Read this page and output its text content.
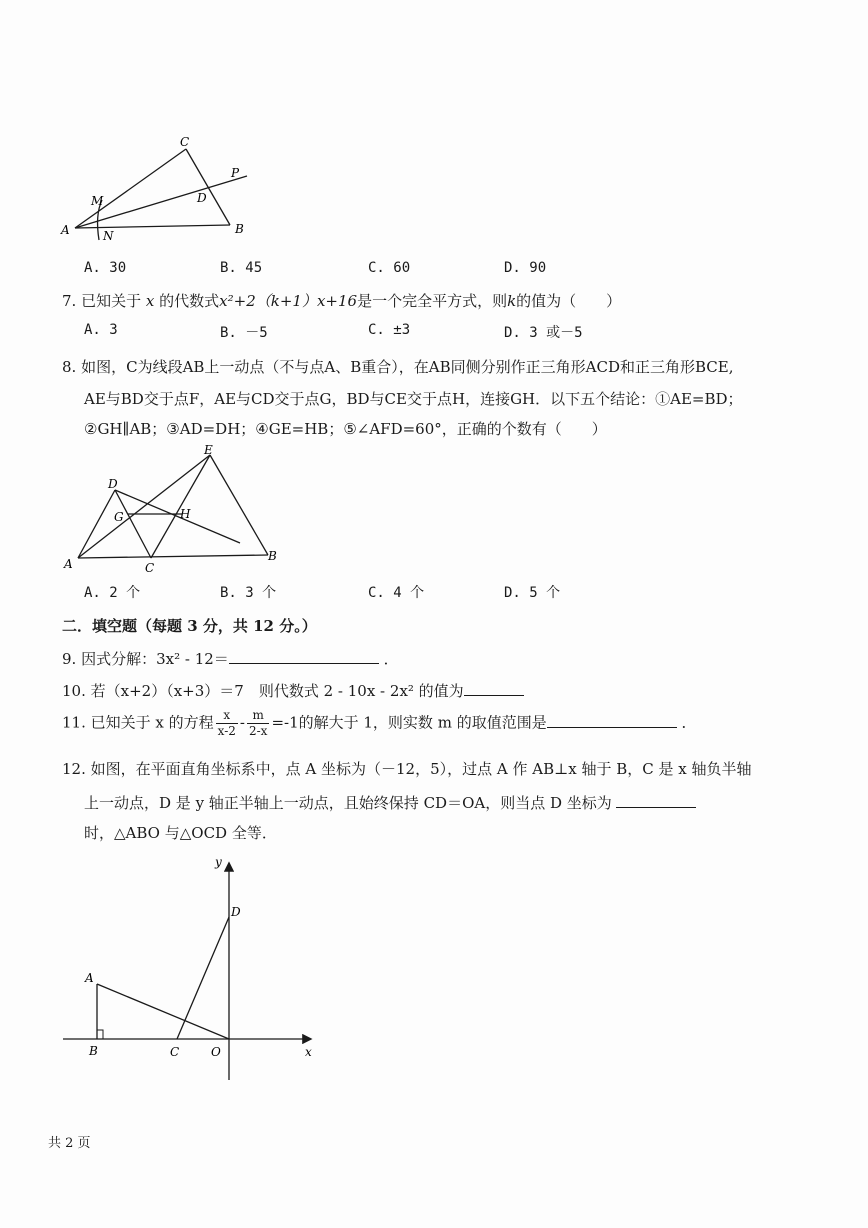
A	B
C
D
M
N
P
A. 30	B. 45	C. 60	D. 90
7. 已知关于 x 的代数式x²+2（k+1）x+16是一个完全平方式，则k的值为（　　）
A. 3	B. －5	C. ±3	D. 3 或－5
8. 如图，C为线段AB上一动点（不与点A、B重合），在AB同侧分别作正三角形ACD和正三角形BCE,
AE与BD交于点F，AE与CD交于点G，BD与CE交于点H，连接GH．以下五个结论：①AE=BD；
②GH∥AB；③AD=DH；④GE=HB；⑤∠AFD=60°，正确的个数有（　　）
A
B
C
D
E
G	H
A. 2 个	B. 3 个	C. 4 个	D. 5 个
二．填空题（每题 3 分，共 12 分。）
9. 因式分解：3x² - 12＝	．
10. 若（x+2）（x+3）＝7　则代数式 2 - 10x - 2x² 的值为
11. 已知关于 x 的方程 $\frac{x}{x-2} - \frac{m}{2-x} =-1$的解大于 1，则实数 m 的取值范围是	．
12. 如图，在平面直角坐标系中，点 A 坐标为（－12，5），过点 A 作 AB⊥x 轴于 B，C 是 x 轴负半轴
上一动点，D 是 y 轴正半轴上一动点，且始终保持 CD＝OA，则当点 D 坐标为
时，△ABO 与△OCD 全等．
A
B	C
D
O	x
y
共 2 页
